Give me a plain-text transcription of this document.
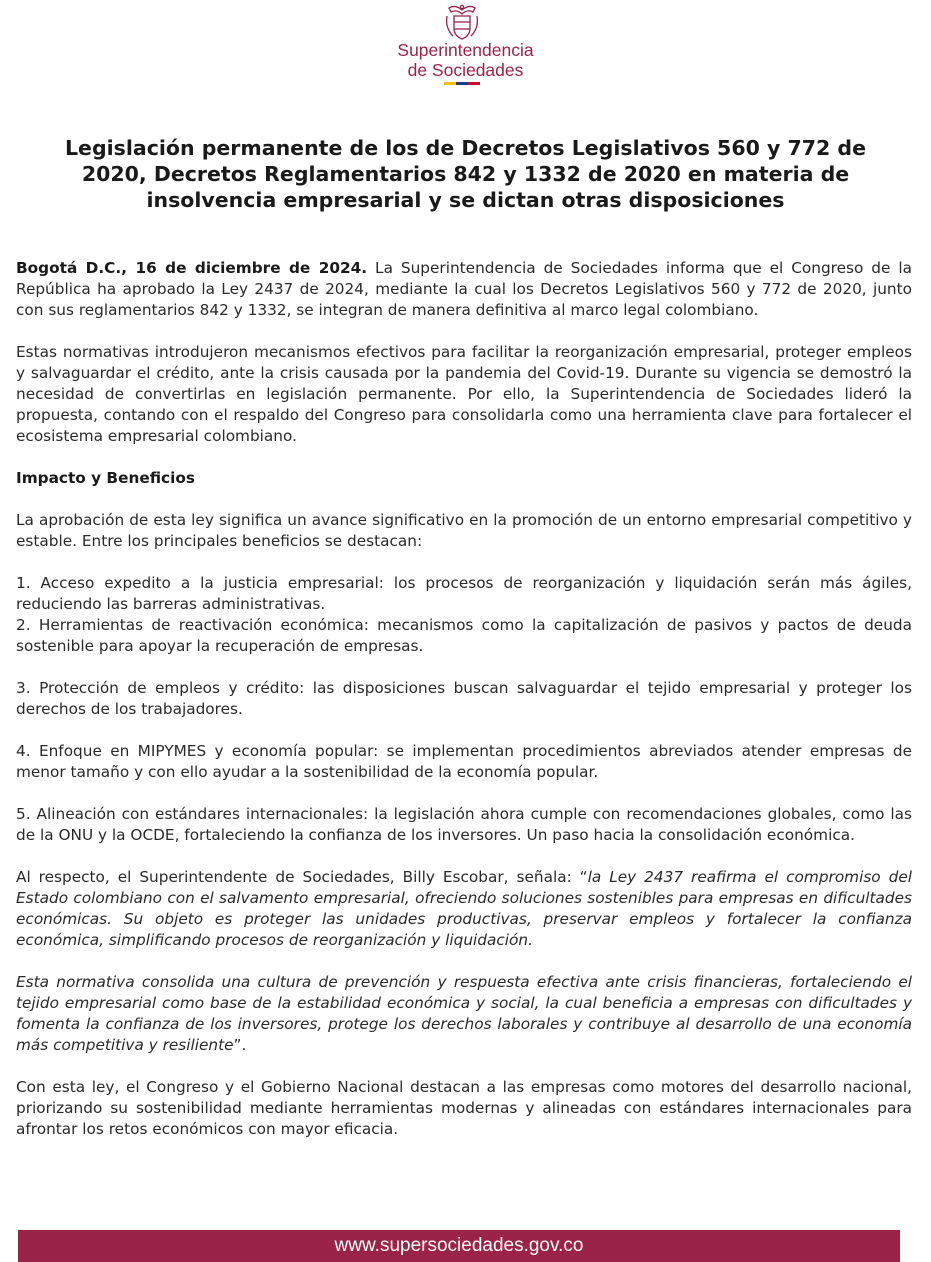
Superintendencia
de Sociedades
Legislación permanente de los de Decretos Legislativos 560 y 772 de 2020, Decretos Reglamentarios 842 y 1332 de 2020 en materia de insolvencia empresarial y se dictan otras disposiciones

Bogotá D.C., 16 de diciembre de 2024. La Superintendencia de Sociedades informa que el Congreso de la República ha aprobado la Ley 2437 de 2024, mediante la cual los Decretos Legislativos 560 y 772 de 2020, junto con sus reglamentarios 842 y 1332, se integran de manera definitiva al marco legal colombiano.

Estas normativas introdujeron mecanismos efectivos para facilitar la reorganización empresarial, proteger empleos y salvaguardar el crédito, ante la crisis causada por la pandemia del Covid-19. Durante su vigencia se demostró la necesidad de convertirlas en legislación permanente. Por ello, la Superintendencia de Sociedades lideró la propuesta, contando con el respaldo del Congreso para consolidarla como una herramienta clave para fortalecer el ecosistema empresarial colombiano.

Impacto y Beneficios

La aprobación de esta ley significa un avance significativo en la promoción de un entorno empresarial competitivo y estable. Entre los principales beneficios se destacan:

1. Acceso expedito a la justicia empresarial: los procesos de reorganización y liquidación serán más ágiles, reduciendo las barreras administrativas.

2. Herramientas de reactivación económica: mecanismos como la capitalización de pasivos y pactos de deuda sostenible para apoyar la recuperación de empresas.

3. Protección de empleos y crédito: las disposiciones buscan salvaguardar el tejido empresarial y proteger los derechos de los trabajadores.

4. Enfoque en MIPYMES y economía popular: se implementan procedimientos abreviados atender empresas de menor tamaño y con ello ayudar a la sostenibilidad de la economía popular.

5. Alineación con estándares internacionales: la legislación ahora cumple con recomendaciones globales, como las de la ONU y la OCDE, fortaleciendo la confianza de los inversores. Un paso hacia la consolidación económica.

Al respecto, el Superintendente de Sociedades, Billy Escobar, señala: “la Ley 2437 reafirma el compromiso del Estado colombiano con el salvamento empresarial, ofreciendo soluciones sostenibles para empresas en dificultades económicas. Su objeto es proteger las unidades productivas, preservar empleos y fortalecer la confianza económica, simplificando procesos de reorganización y liquidación.

Esta normativa consolida una cultura de prevención y respuesta efectiva ante crisis financieras, fortaleciendo el tejido empresarial como base de la estabilidad económica y social, la cual beneficia a empresas con dificultades y fomenta la confianza de los inversores, protege los derechos laborales y contribuye al desarrollo de una economía más competitiva y resiliente”.

Con esta ley, el Congreso y el Gobierno Nacional destacan a las empresas como motores del desarrollo nacional, priorizando su sostenibilidad mediante herramientas modernas y alineadas con estándares internacionales para afrontar los retos económicos con mayor eficacia.

www.supersociedades.gov.co
